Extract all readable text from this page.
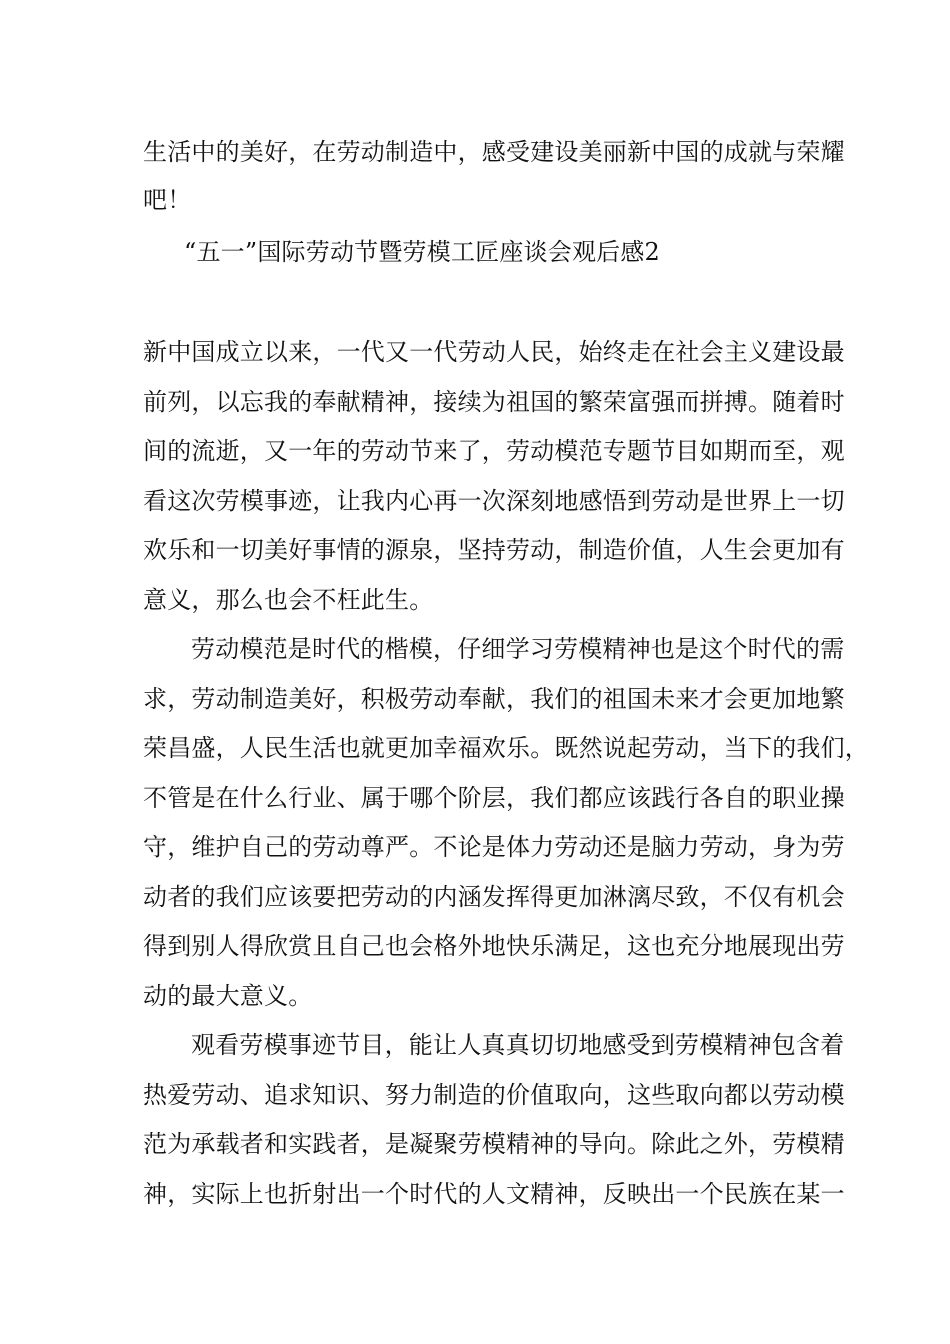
生活中的美好，在劳动制造中，感受建设美丽新中国的成就与荣耀
吧！
“五一”国际劳动节暨劳模工匠座谈会观后感2
新中国成立以来，一代又一代劳动人民，始终走在社会主义建设最
前列，以忘我的奉献精神，接续为祖国的繁荣富强而拼搏。随着时
间的流逝，又一年的劳动节来了，劳动模范专题节目如期而至，观
看这次劳模事迹，让我内心再一次深刻地感悟到劳动是世界上一切
欢乐和一切美好事情的源泉，坚持劳动，制造价值，人生会更加有
意义，那么也会不枉此生。
劳动模范是时代的楷模，仔细学习劳模精神也是这个时代的需
求，劳动制造美好，积极劳动奉献，我们的祖国未来才会更加地繁
荣昌盛，人民生活也就更加幸福欢乐。既然说起劳动，当下的我们，
不管是在什么行业、属于哪个阶层，我们都应该践行各自的职业操
守，维护自己的劳动尊严。不论是体力劳动还是脑力劳动，身为劳
动者的我们应该要把劳动的内涵发挥得更加淋漓尽致，不仅有机会
得到别人得欣赏且自己也会格外地快乐满足，这也充分地展现出劳
动的最大意义。
观看劳模事迹节目，能让人真真切切地感受到劳模精神包含着
热爱劳动、追求知识、努力制造的价值取向，这些取向都以劳动模
范为承载者和实践者，是凝聚劳模精神的导向。除此之外，劳模精
神，实际上也折射出一个时代的人文精神，反映出一个民族在某一
